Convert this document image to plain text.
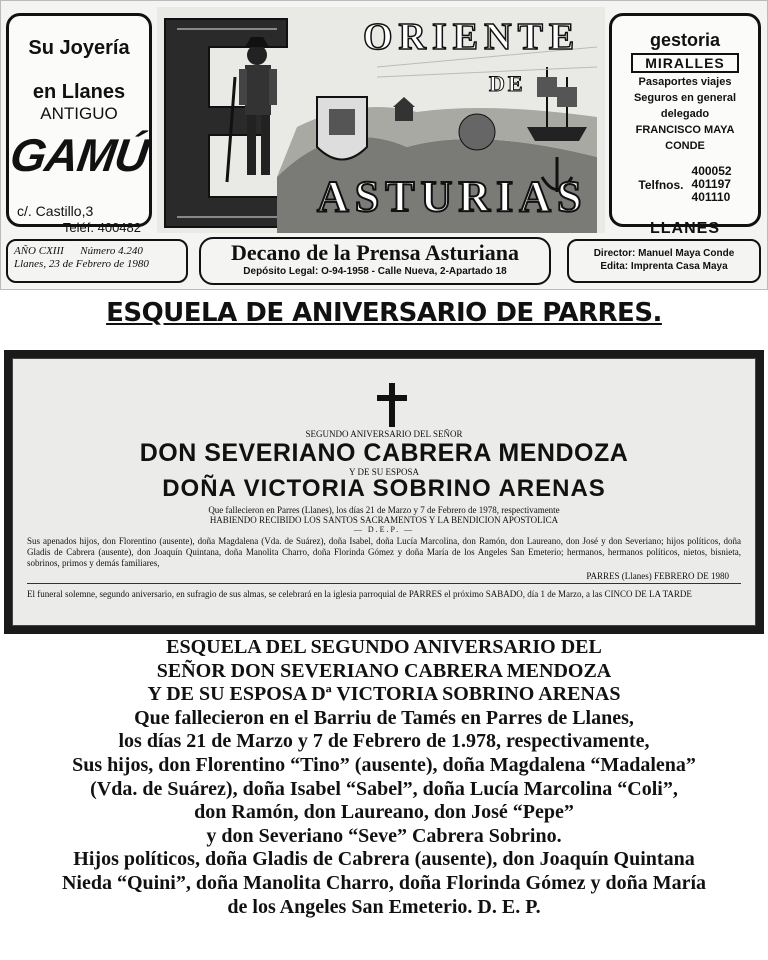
Su Joyería
en Llanes
ANTIGUO
GAMÚ
c/. Castillo,3
Teléf. 400482
ORIENTE
DE
ASTURIAS
gestoria
MIRALLES
Pasaportes viajes
Seguros en general
delegado
FRANCISCO MAYA
CONDE
Telfnos.
400052
401197
401110
LLANES
AÑO CXIII Número 4.240
Llanes, 23 de Febrero de 1980	Decano de la Prensa Asturiana
Depósito Legal: O-94-1958 - Calle Nueva, 2-Apartado 18
Director: Manuel Maya Conde
Edita: Imprenta Casa Maya
ESQUELA DE ANIVERSARIO DE PARRES.
SEGUNDO ANIVERSARIO DEL SEÑOR
DON SEVERIANO CABRERA MENDOZA
Y DE SU ESPOSA
DOÑA VICTORIA SOBRINO ARENAS
Que fallecieron en Parres (Llanes), los días 21 de Marzo y 7 de Febrero de 1978, respectivamente
HABIENDO RECIBIDO LOS SANTOS SACRAMENTOS Y LA BENDICION APOSTOLICA
— D.E.P. —
Sus apenados hijos, don Florentino (ausente), doña Magdalena (Vda. de Suárez), doña Isabel, doña Lucía Marcolina, don Ramón, don Laureano, don José y don Severiano; hijos políticos, doña Gladis de Cabrera (ausente), don Joaquín Quintana, doña Manolita Charro, doña Florinda Gómez y doña María de los Angeles San Emeterio; hermanos, hermanos políticos, nietos, bisnieta, sobrinos, primos y demás familiares,
PARRES (Llanes) FEBRERO DE 1980
El funeral solemne, segundo aniversario, en sufragio de sus almas, se celebrará en la iglesia parroquial de PARRES el próximo SABADO, día 1 de Marzo, a las CINCO DE LA TARDE
ESQUELA DEL SEGUNDO ANIVERSARIO DEL
SEÑOR DON SEVERIANO CABRERA MENDOZA
Y DE SU ESPOSA Dª VICTORIA SOBRINO ARENAS
Que fallecieron en el Barriu de Tamés en Parres de Llanes,
los días 21 de Marzo y 7 de Febrero de 1.978, respectivamente,
Sus hijos, don Florentino “Tino” (ausente), doña Magdalena “Madalena”
(Vda. de Suárez), doña Isabel “Sabel”, doña Lucía Marcolina “Coli”,
don Ramón, don Laureano, don José “Pepe”
y don Severiano “Seve” Cabrera Sobrino.
Hijos políticos, doña Gladis de Cabrera (ausente), don Joaquín Quintana
Nieda “Quini”, doña Manolita Charro, doña Florinda Gómez y doña María
de los Angeles San Emeterio. D. E. P.
